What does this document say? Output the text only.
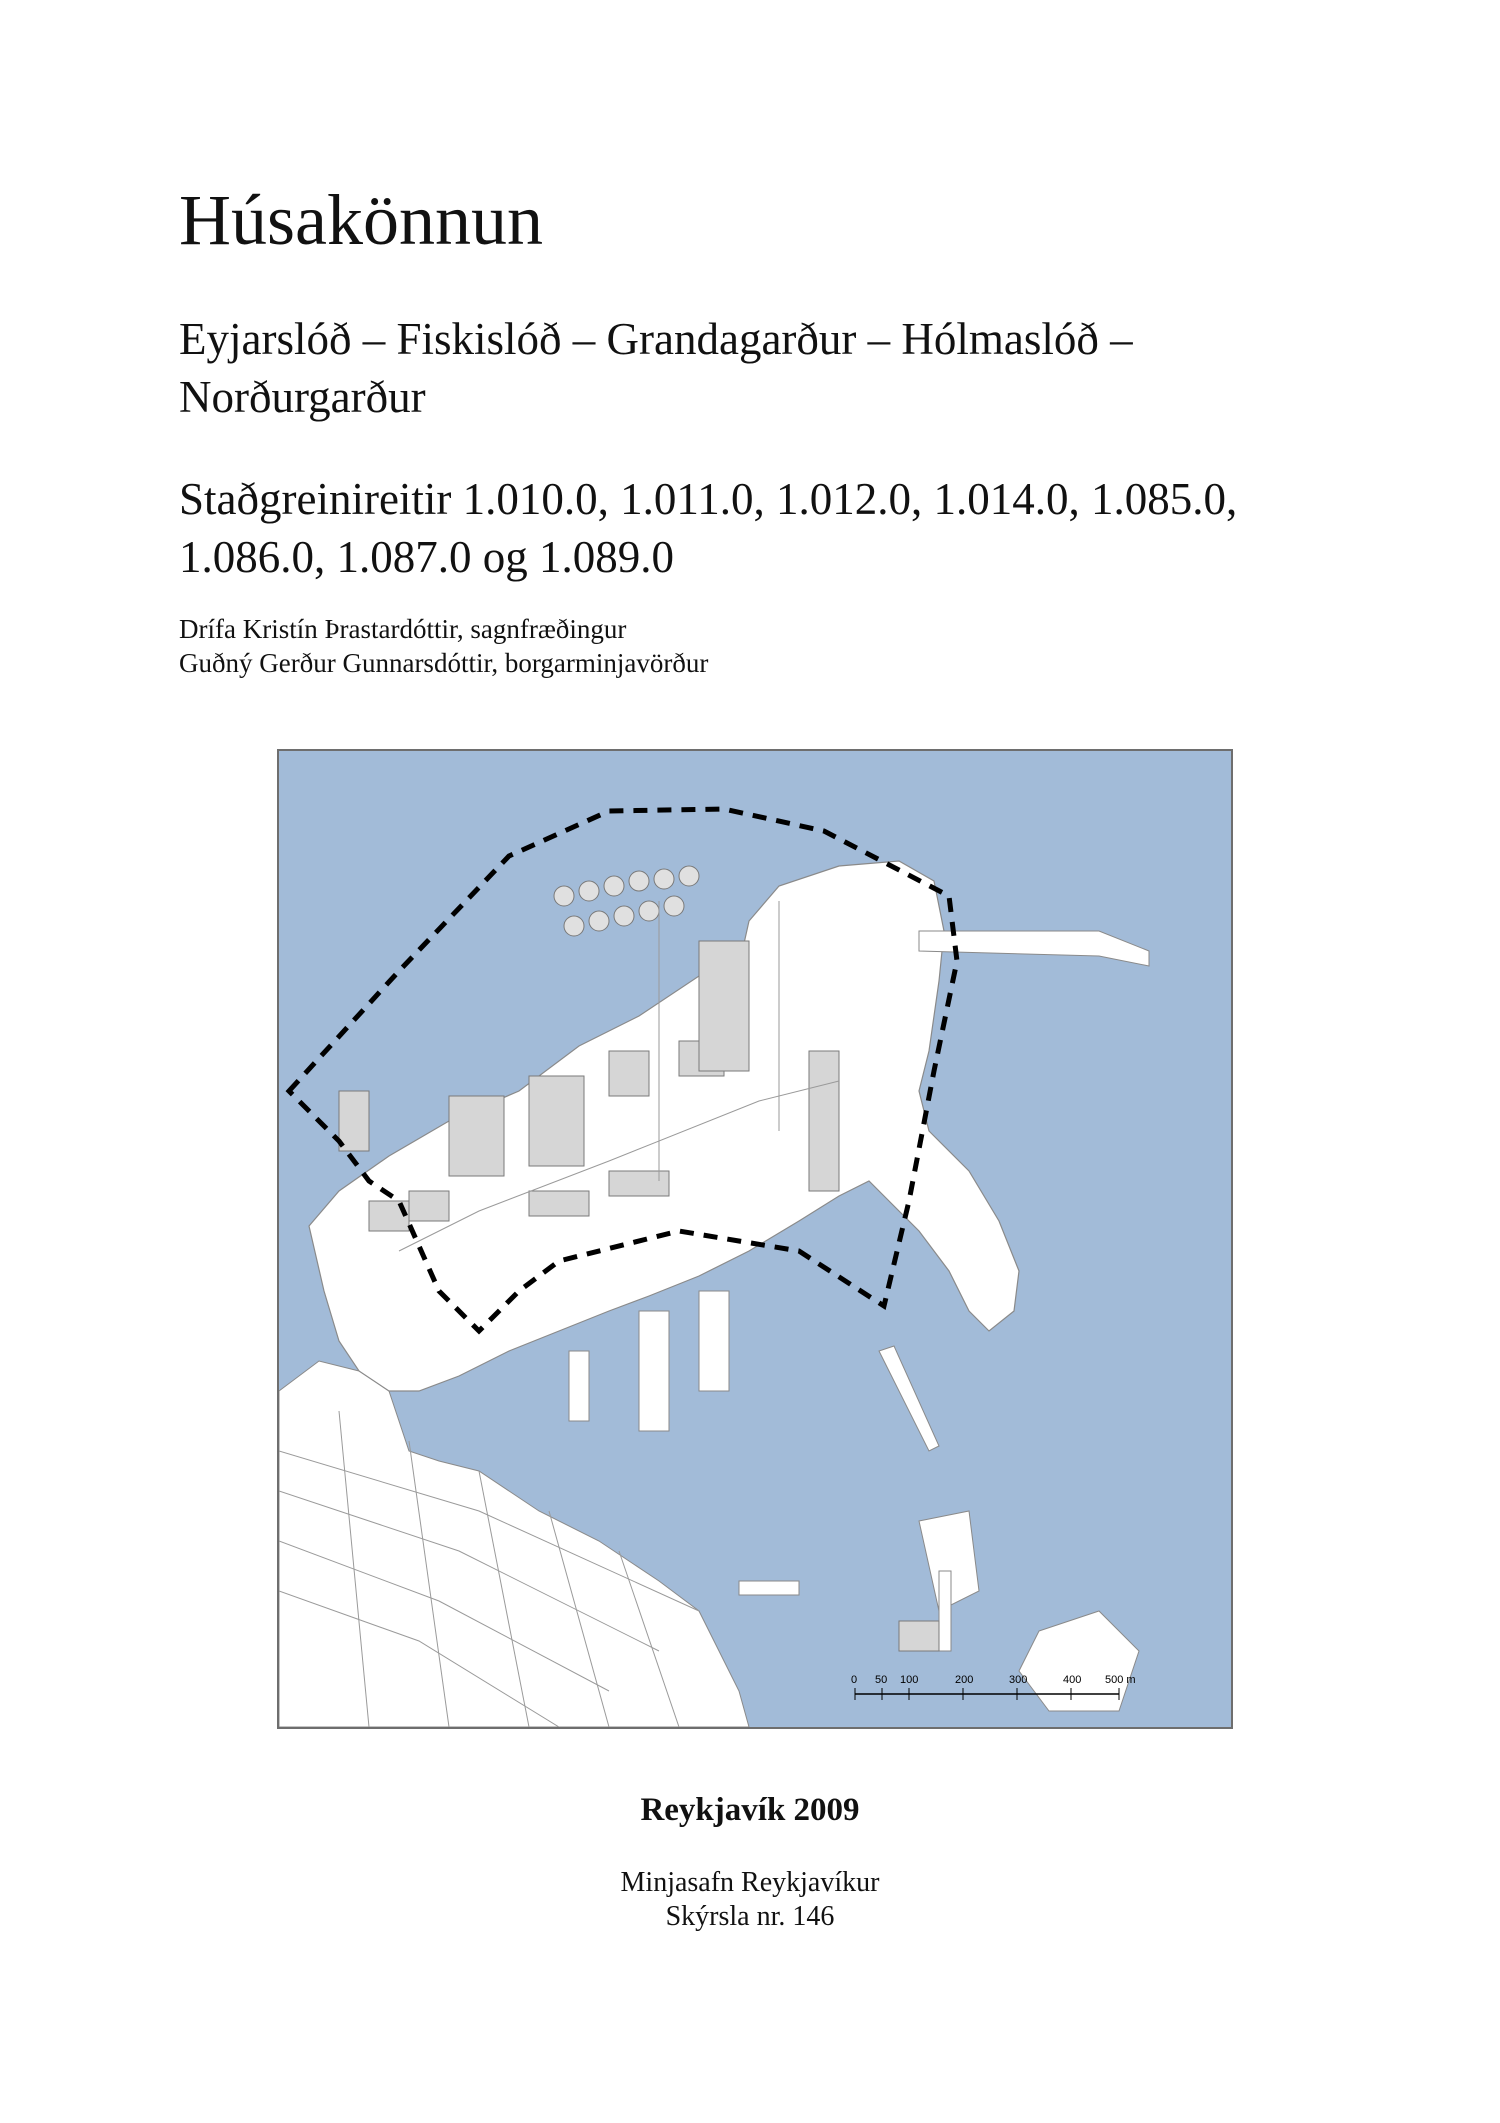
Húsakönnun
Eyjarslóð – Fiskislóð – Grandagarður – Hólmaslóð –
Norðurgarður
Staðgreinireitir 1.010.0, 1.011.0, 1.012.0, 1.014.0, 1.085.0,
1.086.0, 1.087.0 og 1.089.0
Drífa Kristín Þrastardóttir, sagnfræðingur
Guðný Gerður Gunnarsdóttir, borgarminjavörður
0 50 100	200	300	400 500 m
Reykjavík 2009
Minjasafn Reykjavíkur
Skýrsla nr. 146
